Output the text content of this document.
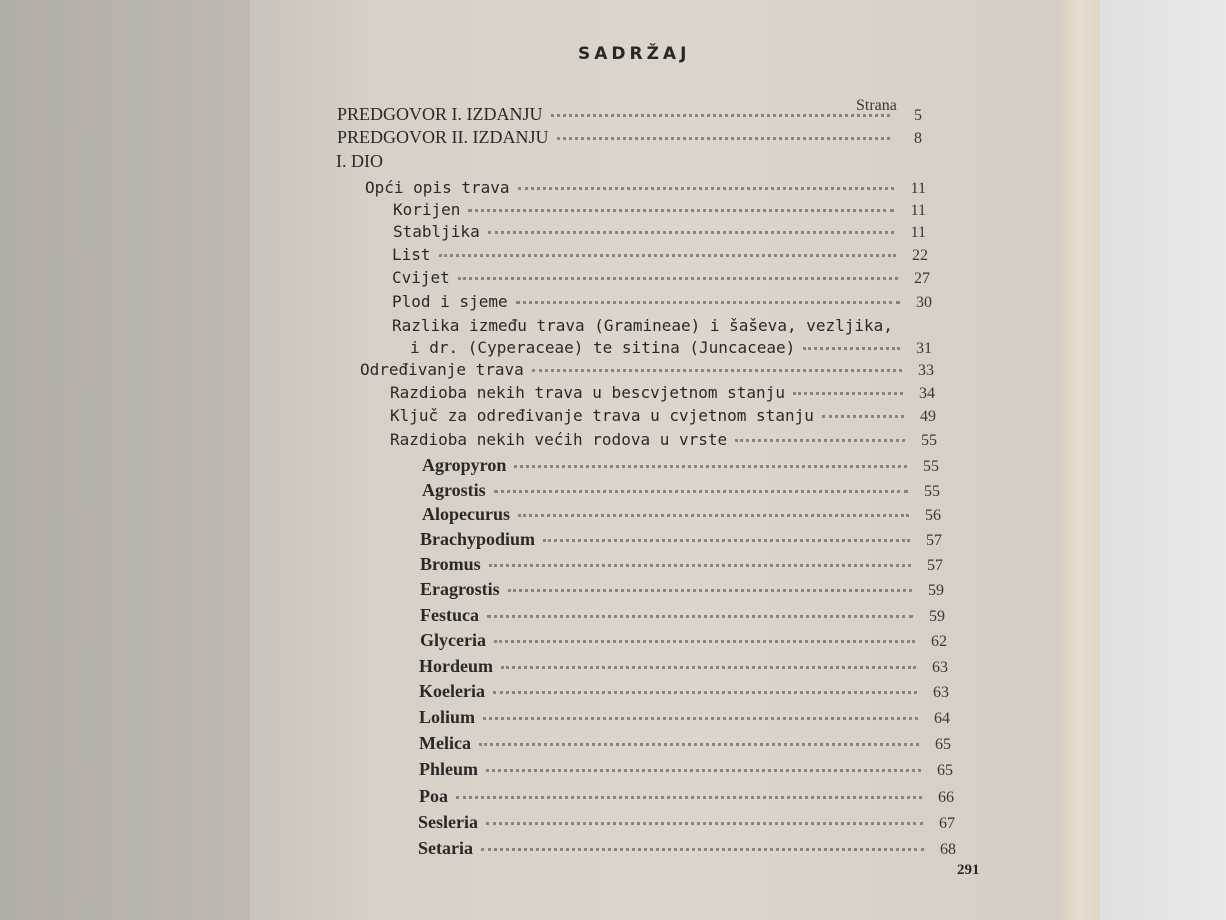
SADRŽAJ
Strana
PREDGOVOR I. IZDANJU	5
PREDGOVOR II. IZDANJU	8
I. DIO
Opći opis trava	11
Korijen	11
Stabljika	11
List	22
Cvijet	27
Plod i sjeme	30
Razlika između trava (Gramineae) i šaševa, vezljika,
i dr. (Cyperaceae) te sitina (Juncaceae)	31
Određivanje trava	33
Razdioba nekih trava u bescvjetnom stanju	34
Ključ za određivanje trava u cvjetnom stanju	49
Razdioba nekih većih rodova u vrste	55
Agropyron	55
Agrostis	55
Alopecurus	56
Brachypodium	57
Bromus	57
Eragrostis	59
Festuca	59
Glyceria	62
Hordeum	63
Koeleria	63
Lolium	64
Melica	65
Phleum	65
Poa	66
Sesleria	67
Setaria	68
291
